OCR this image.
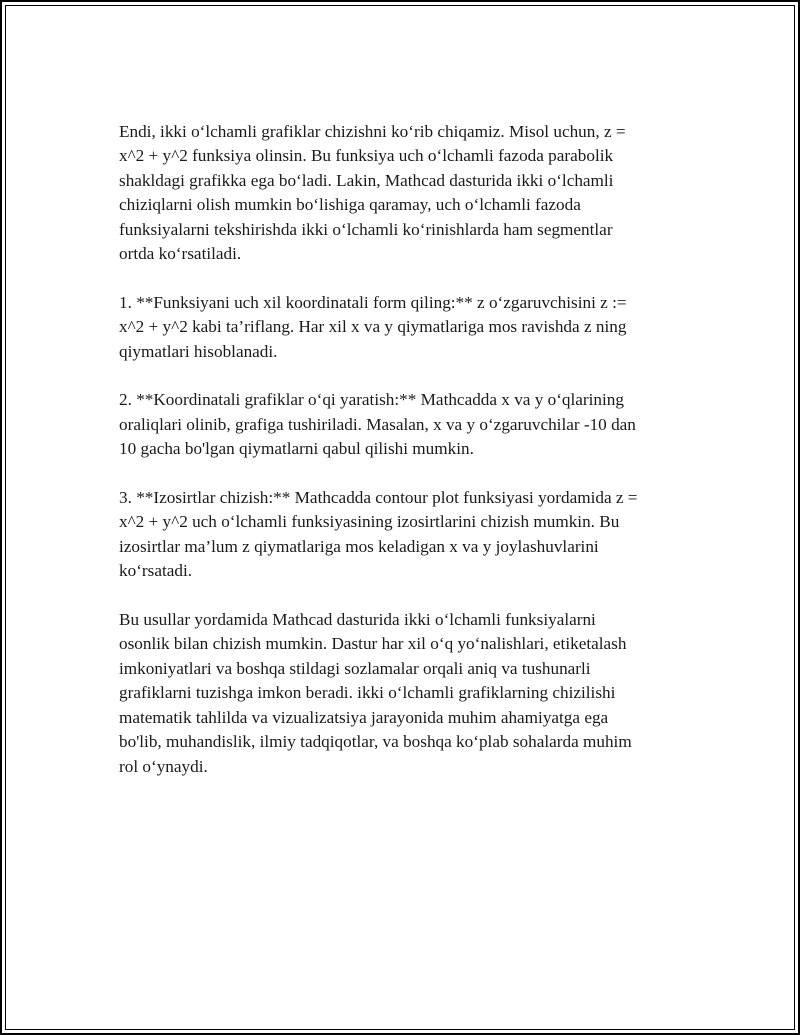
Endi, ikki o‘lchamli grafiklar chizishni ko‘rib chiqamiz. Misol uchun, z =
x^2 + y^2 funksiya olinsin. Bu funksiya uch o‘lchamli fazoda parabolik
shakldagi grafikka ega bo‘ladi. Lakin, Mathcad dasturida ikki o‘lchamli
chiziqlarni olish mumkin bo‘lishiga qaramay, uch o‘lchamli fazoda
funksiyalarni tekshirishda ikki o‘lchamli ko‘rinishlarda ham segmentlar
ortda ko‘rsatiladi.

1. **Funksiyani uch xil koordinatali form qiling:** z o‘zgaruvchisini z :=
x^2 + y^2 kabi ta’riflang. Har xil x va y qiymatlariga mos ravishda z ning
qiymatlari hisoblanadi.

2. **Koordinatali grafiklar o‘qi yaratish:** Mathcadda x va y o‘qlarining
oraliqlari olinib, grafiga tushiriladi. Masalan, x va y o‘zgaruvchilar -10 dan
10 gacha bo'lgan qiymatlarni qabul qilishi mumkin.

3. **Izosirtlar chizish:** Mathcadda contour plot funksiyasi yordamida z =
x^2 + y^2 uch o‘lchamli funksiyasining izosirtlarini chizish mumkin. Bu
izosirtlar ma’lum z qiymatlariga mos keladigan x va y joylashuvlarini
ko‘rsatadi.

Bu usullar yordamida Mathcad dasturida ikki o‘lchamli funksiyalarni
osonlik bilan chizish mumkin. Dastur har xil o‘q yo‘nalishlari, etiketalash
imkoniyatlari va boshqa stildagi sozlamalar orqali aniq va tushunarli
grafiklarni tuzishga imkon beradi. ikki o‘lchamli grafiklarning chizilishi
matematik tahlilda va vizualizatsiya jarayonida muhim ahamiyatga ega
bo'lib, muhandislik, ilmiy tadqiqotlar, va boshqa ko‘plab sohalarda muhim
rol o‘ynaydi.
